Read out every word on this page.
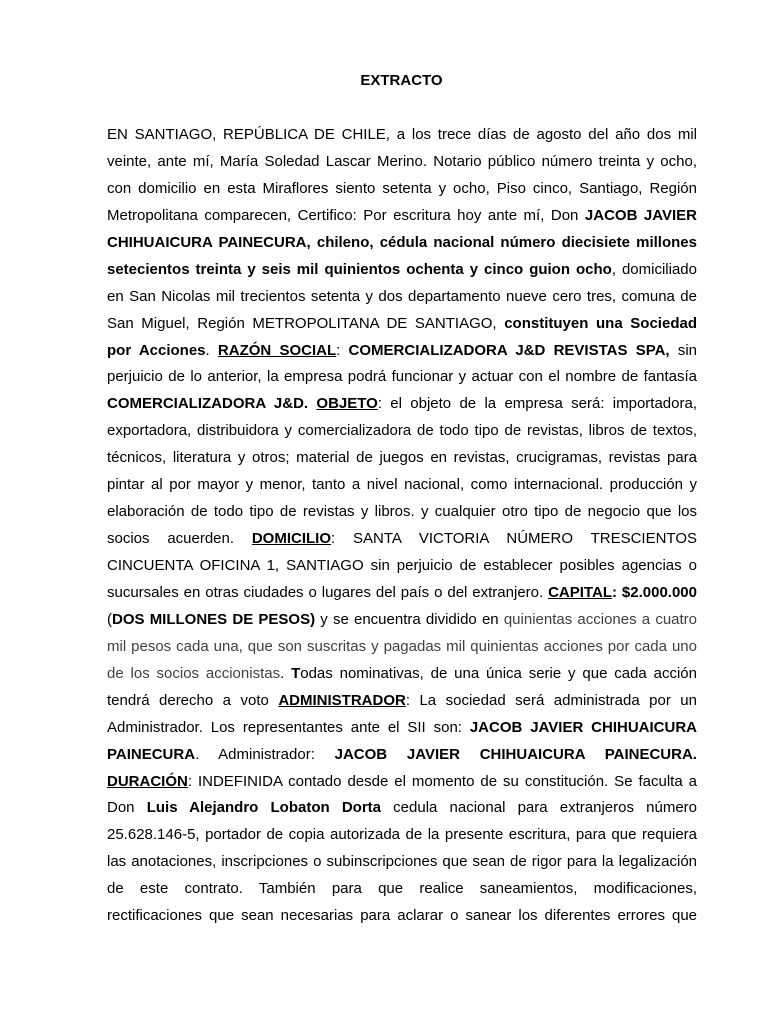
EXTRACTO
EN SANTIAGO, REPÚBLICA DE CHILE, a los trece días de agosto del año dos mil
veinte, ante mí, María Soledad Lascar Merino. Notario público número treinta y ocho,
con domicilio en esta Miraflores siento setenta y ocho, Piso cinco, Santiago, Región
Metropolitana comparecen, Certifico: Por escritura hoy ante mí, Don JACOB JAVIER
CHIHUAICURA PAINECURA, chileno, cédula nacional número diecisiete millones
setecientos treinta y seis mil quinientos ochenta y cinco guion ocho, domiciliado
en San Nicolas mil trecientos setenta y dos departamento nueve cero tres, comuna de
San Miguel, Región METROPOLITANA DE SANTIAGO, constituyen una Sociedad
por Acciones. RAZÓN SOCIAL: COMERCIALIZADORA J&D REVISTAS SPA, sin
perjuicio de lo anterior, la empresa podrá funcionar y actuar con el nombre de fantasía
COMERCIALIZADORA J&D. OBJETO: el objeto de la empresa será: importadora,
exportadora, distribuidora y comercializadora de todo tipo de revistas, libros de textos,
técnicos, literatura y otros; material de juegos en revistas, crucigramas, revistas para
pintar al por mayor y menor, tanto a nivel nacional, como internacional. producción y
elaboración de todo tipo de revistas y libros. y cualquier otro tipo de negocio que los
socios acuerden. DOMICILIO: SANTA VICTORIA NÚMERO TRESCIENTOS
CINCUENTA OFICINA 1, SANTIAGO sin perjuicio de establecer posibles agencias o
sucursales en otras ciudades o lugares del país o del extranjero. CAPITAL: $2.000.000
(DOS MILLONES DE PESOS) y se encuentra dividido en quinientas acciones a cuatro
mil pesos cada una, que son suscritas y pagadas mil quinientas acciones por cada uno
de los socios accionistas. Todas nominativas, de una única serie y que cada acción
tendrá derecho a voto ADMINISTRADOR: La sociedad será administrada por un
Administrador. Los representantes ante el SII son: JACOB JAVIER CHIHUAICURA
PAINECURA. Administrador: JACOB JAVIER CHIHUAICURA PAINECURA.
DURACIÓN: INDEFINIDA contado desde el momento de su constitución. Se faculta a
Don Luis Alejandro Lobaton Dorta cedula nacional para extranjeros número
25.628.146-5, portador de copia autorizada de la presente escritura, para que requiera
las anotaciones, inscripciones o subinscripciones que sean de rigor para la legalización
de este contrato. También para que realice saneamientos, modificaciones,
rectificaciones que sean necesarias para aclarar o sanear los diferentes errores que
